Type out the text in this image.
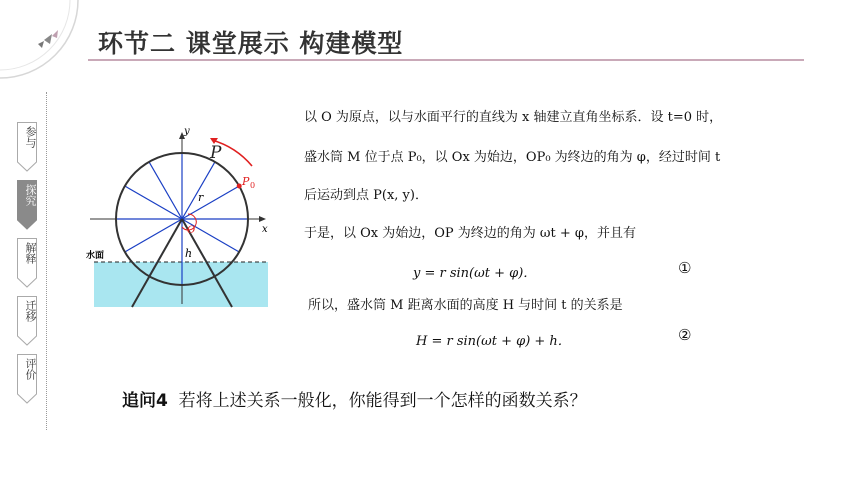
环节二 课堂展示 构建模型
参与
探究
解释
迁移
评价
y
x
P
P 0
r
O
h
水面
以 O 为原点，以与水面平行的直线为 x 轴建立直角坐标系．设 t=0 时，
盛水筒 M 位于点 P₀，以 Ox 为始边，OP₀ 为终边的角为 φ，经过时间 t
后运动到点 P(x, y)．
于是，以 Ox 为始边，OP 为终边的角为 ωt + φ，并且有
y = r sin(ωt + φ)．	①
所以，盛水筒 M 距离水面的高度 H 与时间 t 的关系是
H = r sin(ωt + φ) + h．	②
追问4 若将上述关系一般化，你能得到一个怎样的函数关系？
